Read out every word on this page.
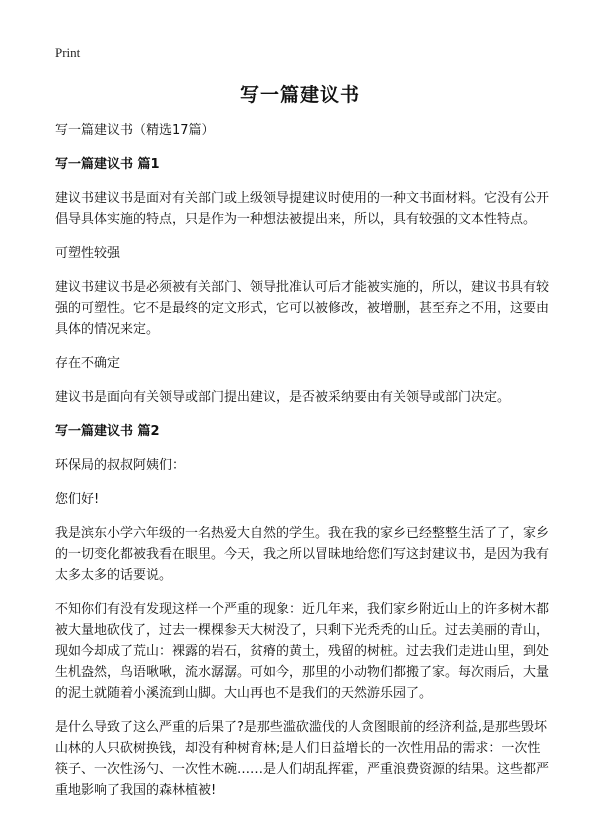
Print
写一篇建议书

写一篇建议书（精选17篇）

写一篇建议书 篇1

建议书建议书是面对有关部门或上级领导提建议时使用的一种文书面材料。它没有公开倡导具体实施的特点，只是作为一种想法被提出来，所以，具有较强的文本性特点。

可塑性较强

建议书建议书是必须被有关部门、领导批准认可后才能被实施的，所以，建议书具有较强的可塑性。它不是最终的定文形式，它可以被修改，被增删，甚至弃之不用，这要由具体的情况来定。

存在不确定

建议书是面向有关领导或部门提出建议，是否被采纳要由有关领导或部门决定。

写一篇建议书 篇2

环保局的叔叔阿姨们：

您们好!

我是滨东小学六年级的一名热爱大自然的学生。我在我的家乡已经整整生活了了，家乡的一切变化都被我看在眼里。今天，我之所以冒昧地给您们写这封建议书，是因为我有太多太多的话要说。

不知你们有没有发现这样一个严重的现象：近几年来，我们家乡附近山上的许多树木都被大量地砍伐了，过去一棵棵参天大树没了，只剩下光秃秃的山丘。过去美丽的青山，现如今却成了荒山：裸露的岩石，贫瘠的黄土，残留的树桩。过去我们走进山里，到处生机盎然，鸟语啾啾，流水潺潺。可如今，那里的小动物们都搬了家。每次雨后，大量的泥土就随着小溪流到山脚。大山再也不是我们的天然游乐园了。

是什么导致了这么严重的后果了?是那些滥砍滥伐的人贪图眼前的经济利益,是那些毁坏山林的人只砍树换钱，却没有种树育林;是人们日益增长的一次性用品的需求：一次性筷子、一次性汤勺、一次性木碗……是人们胡乱挥霍，严重浪费资源的结果。这些都严重地影响了我国的森林植被!
